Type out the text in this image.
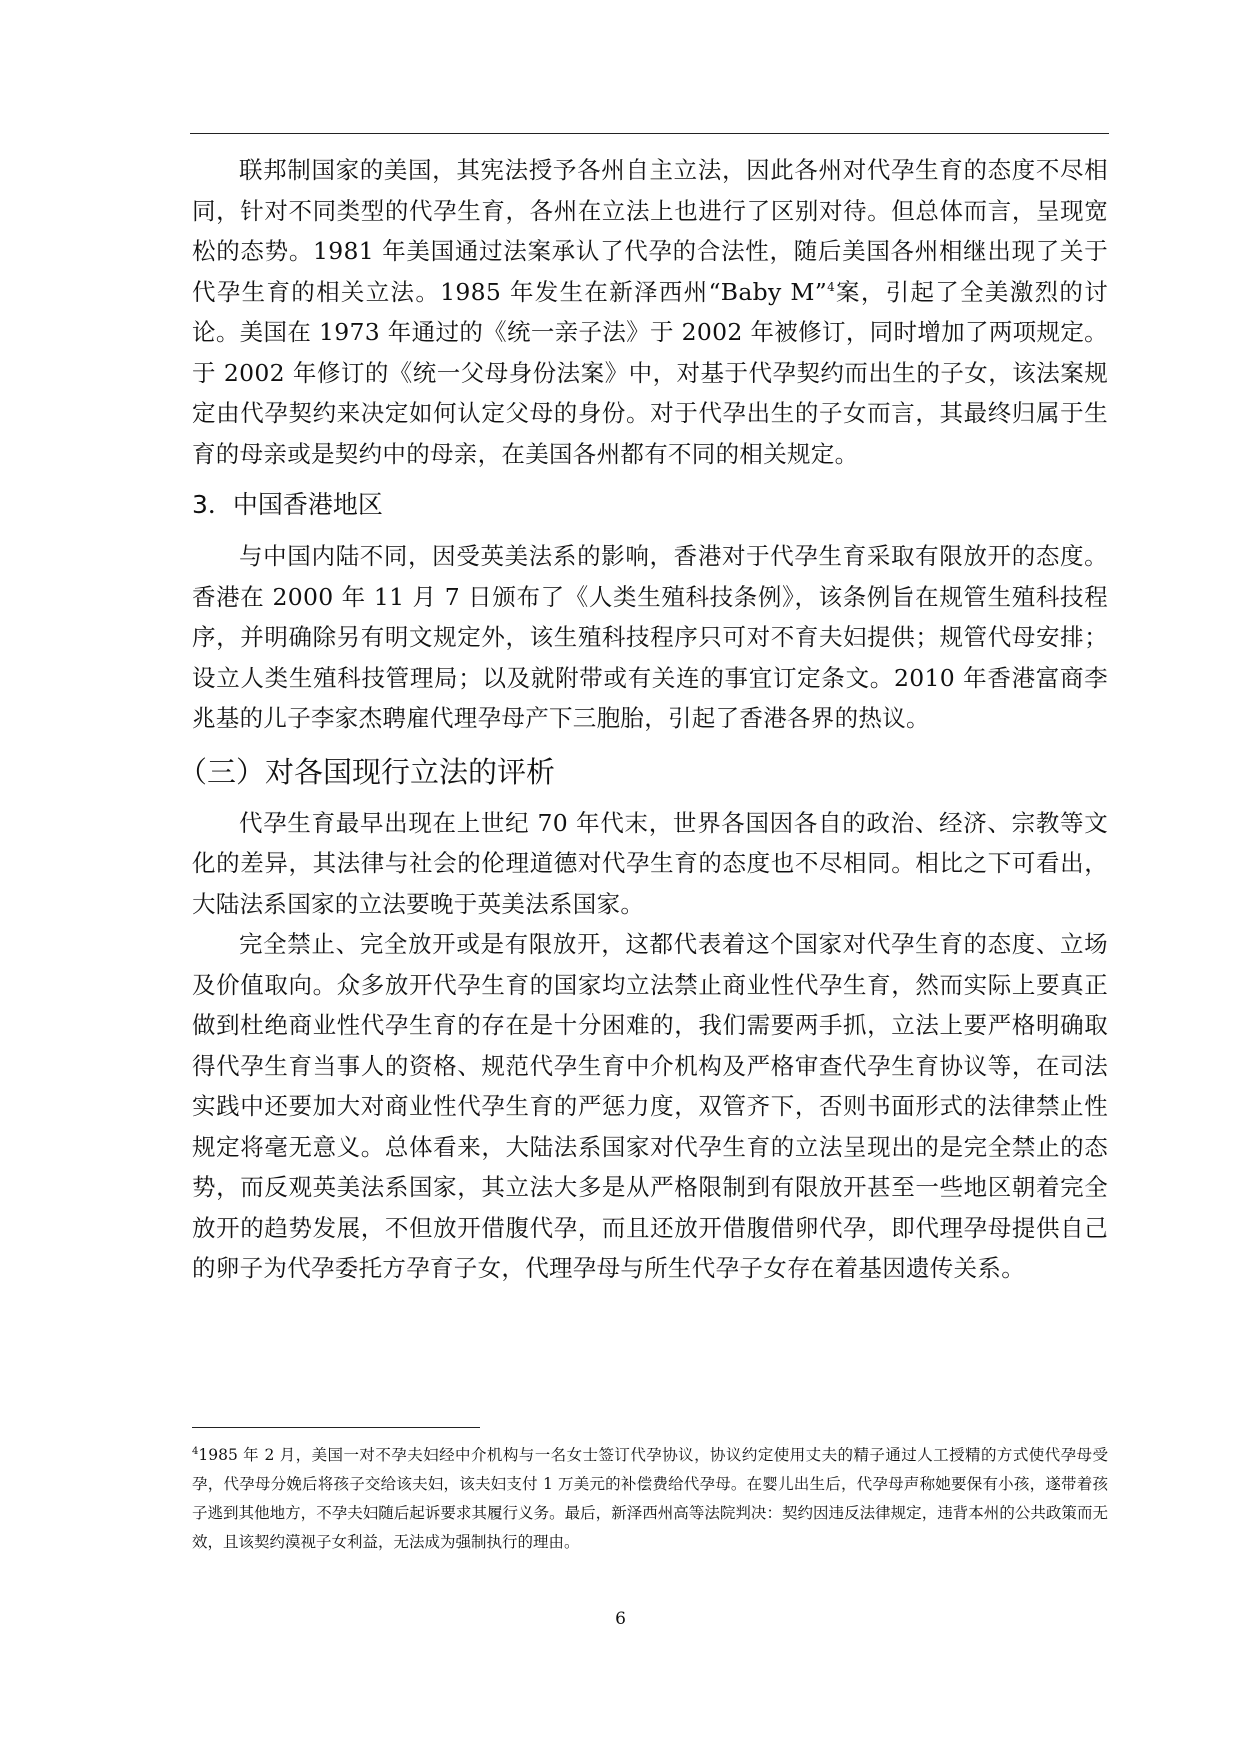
联邦制国家的美国，其宪法授予各州自主立法，因此各州对代孕生育的态度不尽相同，针对不同类型的代孕生育，各州在立法上也进行了区别对待。但总体而言，呈现宽松的态势。1981 年美国通过法案承认了代孕的合法性，随后美国各州相继出现了关于代孕生育的相关立法。1985 年发生在新泽西州“Baby M”$^4$案，引起了全美激烈的讨论。美国在 1973 年通过的《统一亲子法》于 2002 年被修订，同时增加了两项规定。于 2002 年修订的《统一父母身份法案》中，对基于代孕契约而出生的子女，该法案规定由代孕契约来决定如何认定父母的身份。对于代孕出生的子女而言，其最终归属于生育的母亲或是契约中的母亲，在美国各州都有不同的相关规定。

3．中国香港地区

与中国内陆不同，因受英美法系的影响，香港对于代孕生育采取有限放开的态度。香港在 2000 年 11 月 7 日颁布了《人类生殖科技条例》，该条例旨在规管生殖科技程序，并明确除另有明文规定外，该生殖科技程序只可对不育夫妇提供；规管代母安排；设立人类生殖科技管理局；以及就附带或有关连的事宜订定条文。2010 年香港富商李兆基的儿子李家杰聘雇代理孕母产下三胞胎，引起了香港各界的热议。

（三）对各国现行立法的评析

代孕生育最早出现在上世纪 70 年代末，世界各国因各自的政治、经济、宗教等文化的差异，其法律与社会的伦理道德对代孕生育的态度也不尽相同。相比之下可看出，大陆法系国家的立法要晚于英美法系国家。

完全禁止、完全放开或是有限放开，这都代表着这个国家对代孕生育的态度、立场及价值取向。众多放开代孕生育的国家均立法禁止商业性代孕生育，然而实际上要真正做到杜绝商业性代孕生育的存在是十分困难的，我们需要两手抓，立法上要严格明确取得代孕生育当事人的资格、规范代孕生育中介机构及严格审查代孕生育协议等，在司法实践中还要加大对商业性代孕生育的严惩力度，双管齐下，否则书面形式的法律禁止性规定将毫无意义。总体看来，大陆法系国家对代孕生育的立法呈现出的是完全禁止的态势，而反观英美法系国家，其立法大多是从严格限制到有限放开甚至一些地区朝着完全放开的趋势发展，不但放开借腹代孕，而且还放开借腹借卵代孕，即代理孕母提供自己的卵子为代孕委托方孕育子女，代理孕母与所生代孕子女存在着基因遗传关系。

$^4$1985 年 2 月，美国一对不孕夫妇经中介机构与一名女士签订代孕协议，协议约定使用丈夫的精子通过人工授精的方式使代孕母受孕，代孕母分娩后将孩子交给该夫妇，该夫妇支付 1 万美元的补偿费给代孕母。在婴儿出生后，代孕母声称她要保有小孩，遂带着孩子逃到其他地方，不孕夫妇随后起诉要求其履行义务。最后，新泽西州高等法院判决：契约因违反法律规定，违背本州的公共政策而无效，且该契约漠视子女利益，无法成为强制执行的理由。

6
